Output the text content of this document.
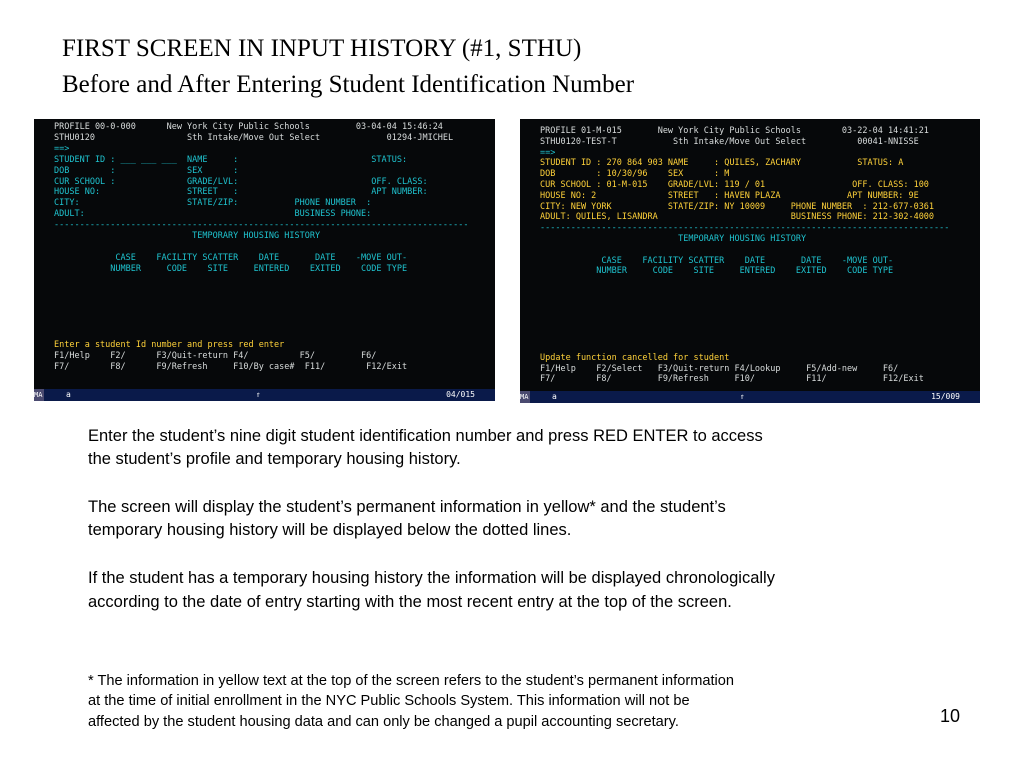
FIRST SCREEN IN INPUT HISTORY (#1, STHU)
Before and After Entering Student Identification Number
MA	a	⇑	04/015
PROFILE 00-0-000      New York City Public Schools         03-04-04 15:46:24
STHU0120                  Sth Intake/Move Out Select             01294-JMICHEL
==>
STUDENT ID : ___ ___ ___  NAME     :                          STATUS:
DOB        :              SEX      :
CUR SCHOOL :              GRADE/LVL:                          OFF. CLASS:
HOUSE NO:                 STREET   :                          APT NUMBER:
CITY:                     STATE/ZIP:           PHONE NUMBER  :
ADULT:                                         BUSINESS PHONE:
---------------------------------------------------------------------------------
TEMPORARY HOUSING HISTORY
CASE    FACILITY SCATTER    DATE       DATE    -MOVE OUT-
NUMBER     CODE    SITE     ENTERED    EXITED    CODE TYPE
Enter a student Id number and press red enter
F1/Help    F2/      F3/Quit-return F4/          F5/         F6/
F7/        F8/      F9/Refresh     F10/By case#  F11/        F12/Exit
MA	a	⇑	15/009
PROFILE 01-M-015       New York City Public Schools        03-22-04 14:41:21
STHU0120-TEST-T           Sth Intake/Move Out Select          00041-NNISSE
==>
STUDENT ID : 270 864 903 NAME     : QUILES, ZACHARY           STATUS: A
DOB        : 10/30/96    SEX      : M
CUR SCHOOL : 01-M-015    GRADE/LVL: 119 / 01                 OFF. CLASS: 100
HOUSE NO: 2              STREET   : HAVEN PLAZA             APT NUMBER: 9E
CITY: NEW YORK           STATE/ZIP: NY 10009     PHONE NUMBER  : 212-677-0361
ADULT: QUILES, LISANDRA                          BUSINESS PHONE: 212-302-4000
--------------------------------------------------------------------------------
TEMPORARY HOUSING HISTORY
CASE    FACILITY SCATTER    DATE       DATE    -MOVE OUT-
NUMBER     CODE    SITE     ENTERED    EXITED    CODE TYPE
Update function cancelled for student
F1/Help    F2/Select   F3/Quit-return F4/Lookup     F5/Add-new     F6/
F7/        F8/         F9/Refresh     F10/          F11/           F12/Exit
Enter the student’s nine digit student identification number and press RED ENTER to access
the student’s profile and temporary housing history.
The screen will display the student’s permanent information in yellow* and the student’s
temporary housing history will be displayed below the dotted lines.
If the student has a temporary housing history the information will be displayed chronologically
according to the date of entry starting with the most recent entry at the top of the screen.
* The information in yellow text at the top of the screen refers to the student’s permanent information
at the time of initial enrollment in the NYC Public Schools System. This information will not be
affected by the student housing data and can only be changed a pupil accounting secretary.	10
